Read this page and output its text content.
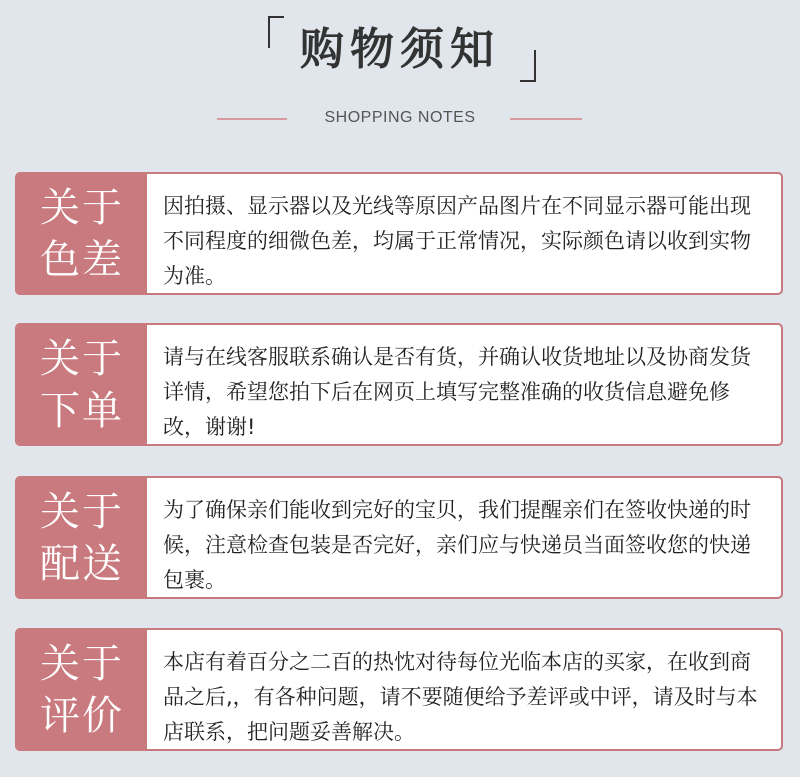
购物须知
SHOPPING NOTES
关于
色差
因拍摄、显示器以及光线等原因产品图片在不同显示器可能出现不同程度的细微色差，均属于正常情况，实际颜色请以收到实物为准。
关于
下单
请与在线客服联系确认是否有货，并确认收货地址以及协商发货详情，希望您拍下后在网页上填写完整准确的收货信息避免修改，谢谢!
关于
配送
为了确保亲们能收到完好的宝贝，我们提醒亲们在签收快递的时候，注意检查包装是否完好，亲们应与快递员当面签收您的快递包裹。
关于
评价
本店有着百分之二百的热忱对待每位光临本店的买家，在收到商品之后,，有各种问题，请不要随便给予差评或中评，请及时与本店联系，把问题妥善解决。
